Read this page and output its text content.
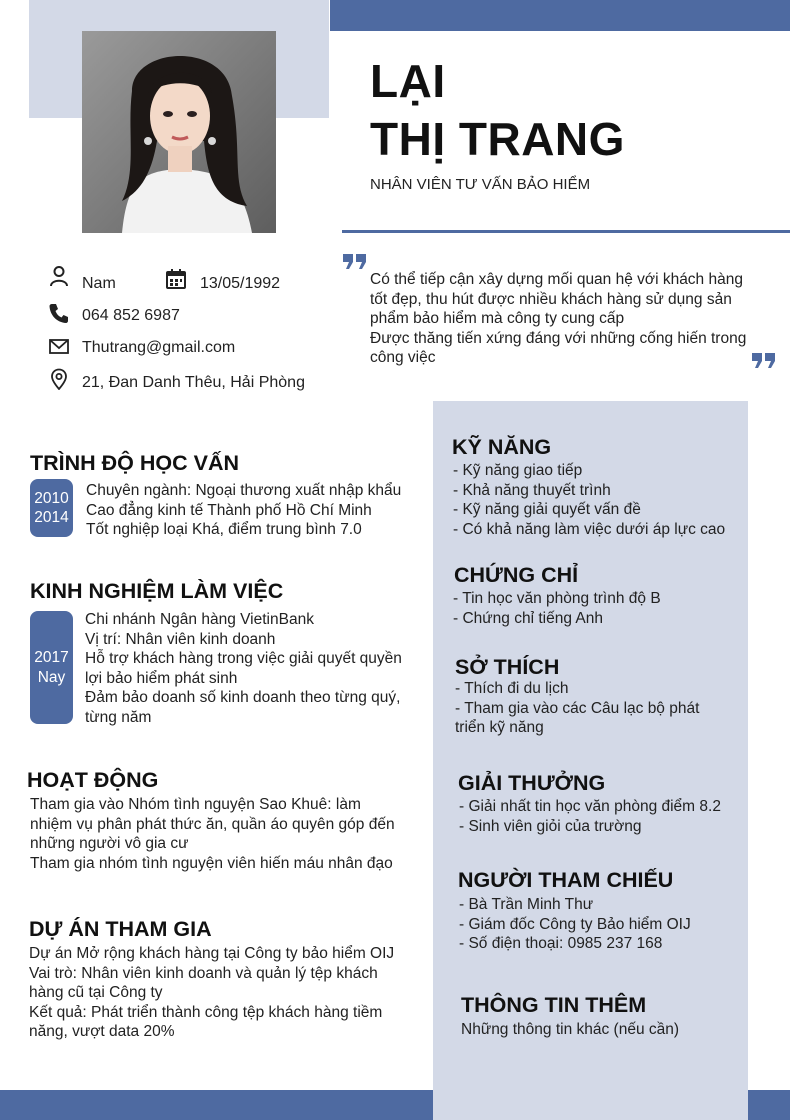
LẠI
THỊ TRANG
NHÂN VIÊN TƯ VẤN BẢO HIỂM
Nam	13/05/1992
064 852 6987
Thutrang@gmail.com
21, Đan Danh Thêu, Hải Phòng
Có thể tiếp cận xây dựng mối quan hệ với khách hàng
tốt đẹp, thu hút được nhiều khách hàng sử dụng sản
phẩm bảo hiểm mà công ty cung cấp
Được thăng tiến xứng đáng với những cống hiến trong
công việc
TRÌNH ĐỘ HỌC VẤN
2010
2014
Chuyên ngành: Ngoại thương xuất nhập khẩu
Cao đẳng kinh tế Thành phố Hồ Chí Minh
Tốt nghiệp loại Khá, điểm trung bình 7.0
KINH NGHIỆM LÀM VIỆC
2017
Nay
Chi nhánh Ngân hàng VietinBank
Vị trí: Nhân viên kinh doanh
Hỗ trợ khách hàng trong việc giải quyết quyền
lợi bảo hiểm phát sinh
Đảm bảo doanh số kinh doanh theo từng quý,
từng năm
HOẠT ĐỘNG
Tham gia vào Nhóm tình nguyện Sao Khuê: làm
nhiệm vụ phân phát thức ăn, quần áo quyên góp đến
những người vô gia cư
Tham gia nhóm tình nguyện viên hiến máu nhân đạo
DỰ ÁN THAM GIA
Dự án Mở rộng khách hàng tại Công ty bảo hiểm OIJ
Vai trò: Nhân viên kinh doanh và quản lý tệp khách
hàng cũ tại Công ty
Kết quả: Phát triển thành công tệp khách hàng tiềm
năng, vượt data 20%
KỸ NĂNG
- Kỹ năng giao tiếp
- Khả năng thuyết trình
- Kỹ năng giải quyết vấn đề
- Có khả năng làm việc dưới áp lực cao
CHỨNG CHỈ
- Tin học văn phòng trình độ B
- Chứng chỉ tiếng Anh
SỞ THÍCH
- Thích đi du lịch
- Tham gia vào các Câu lạc bộ phát
triển kỹ năng
GIẢI THƯỞNG
- Giải nhất tin học văn phòng điểm 8.2
- Sinh viên giỏi của trường
NGƯỜI THAM CHIẾU
- Bà Trần Minh Thư
- Giám đốc Công ty Bảo hiểm OIJ
- Số điện thoại: 0985 237 168
THÔNG TIN THÊM
Những thông tin khác (nếu cần)
